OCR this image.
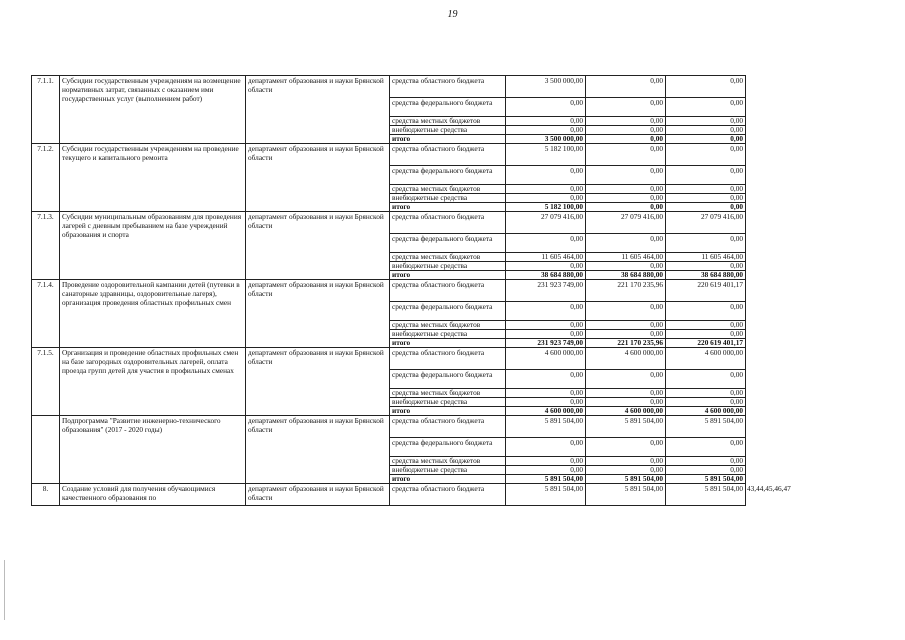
19
7.1.1.	Субсидии государственным учреждениям на возмещение нормативных затрат, связанных с оказанием ими государственных услуг (выполнением работ)	департамент образования и науки Брянской области	средства областного бюджета	3 500 000,00	0,00	0,00	
			средства федерального бюджета	0,00	0,00	0,00	
			средства местных бюджетов	0,00	0,00	0,00	
			внебюджетные средства	0,00	0,00	0,00	
			итого	3 500 000,00	0,00	0,00	
7.1.2.	Субсидии государственным учреждениям на проведение текущего и капитального ремонта	департамент образования и науки Брянской области	средства областного бюджета	5 182 100,00	0,00	0,00	
			средства федерального бюджета	0,00	0,00	0,00	
			средства местных бюджетов	0,00	0,00	0,00	
			внебюджетные средства	0,00	0,00	0,00	
			итого	5 182 100,00	0,00	0,00	
7.1.3.	Субсидии муниципальным образованиям для проведения лагерей с дневным пребыванием на базе учреждений образования и спорта	департамент образования и науки Брянской области	средства областного бюджета	27 079 416,00	27 079 416,00	27 079 416,00	
			средства федерального бюджета	0,00	0,00	0,00	
			средства местных бюджетов	11 605 464,00	11 605 464,00	11 605 464,00	
			внебюджетные средства	0,00	0,00	0,00	
			итого	38 684 880,00	38 684 880,00	38 684 880,00	
7.1.4.	Проведение оздоровительной кампании детей (путевки в санаторные здравницы, оздоровительные лагеря), организация проведения областных профильных смен	департамент образования и науки Брянской области	средства областного бюджета	231 923 749,00	221 170 235,96	220 619 401,17	
			средства федерального бюджета	0,00	0,00	0,00	
			средства местных бюджетов	0,00	0,00	0,00	
			внебюджетные средства	0,00	0,00	0,00	
			итого	231 923 749,00	221 170 235,96	220 619 401,17	
7.1.5.	Организация и проведение областных профильных смен на базе загородных оздоровительных лагерей, оплата проезда групп детей для участия в профильных сменах	департамент образования и науки Брянской области	средства областного бюджета	4 600 000,00	4 600 000,00	4 600 000,00	
			средства федерального бюджета	0,00	0,00	0,00	
			средства местных бюджетов	0,00	0,00	0,00	
			внебюджетные средства	0,00	0,00	0,00	
			итого	4 600 000,00	4 600 000,00	4 600 000,00	
	Подпрограмма "Развитие инженерно-технического образования" (2017 - 2020 годы)	департамент образования и науки Брянской области	средства областного бюджета	5 891 504,00	5 891 504,00	5 891 504,00	
			средства федерального бюджета	0,00	0,00	0,00	
			средства местных бюджетов	0,00	0,00	0,00	
			внебюджетные средства	0,00	0,00	0,00	
			итого	5 891 504,00	5 891 504,00	5 891 504,00	
8.	Создание условий для получения обучающимися качественного образования по	департамент образования и науки Брянской области	средства областного бюджета	5 891 504,00	5 891 504,00	5 891 504,00	43,44,45,46,47
